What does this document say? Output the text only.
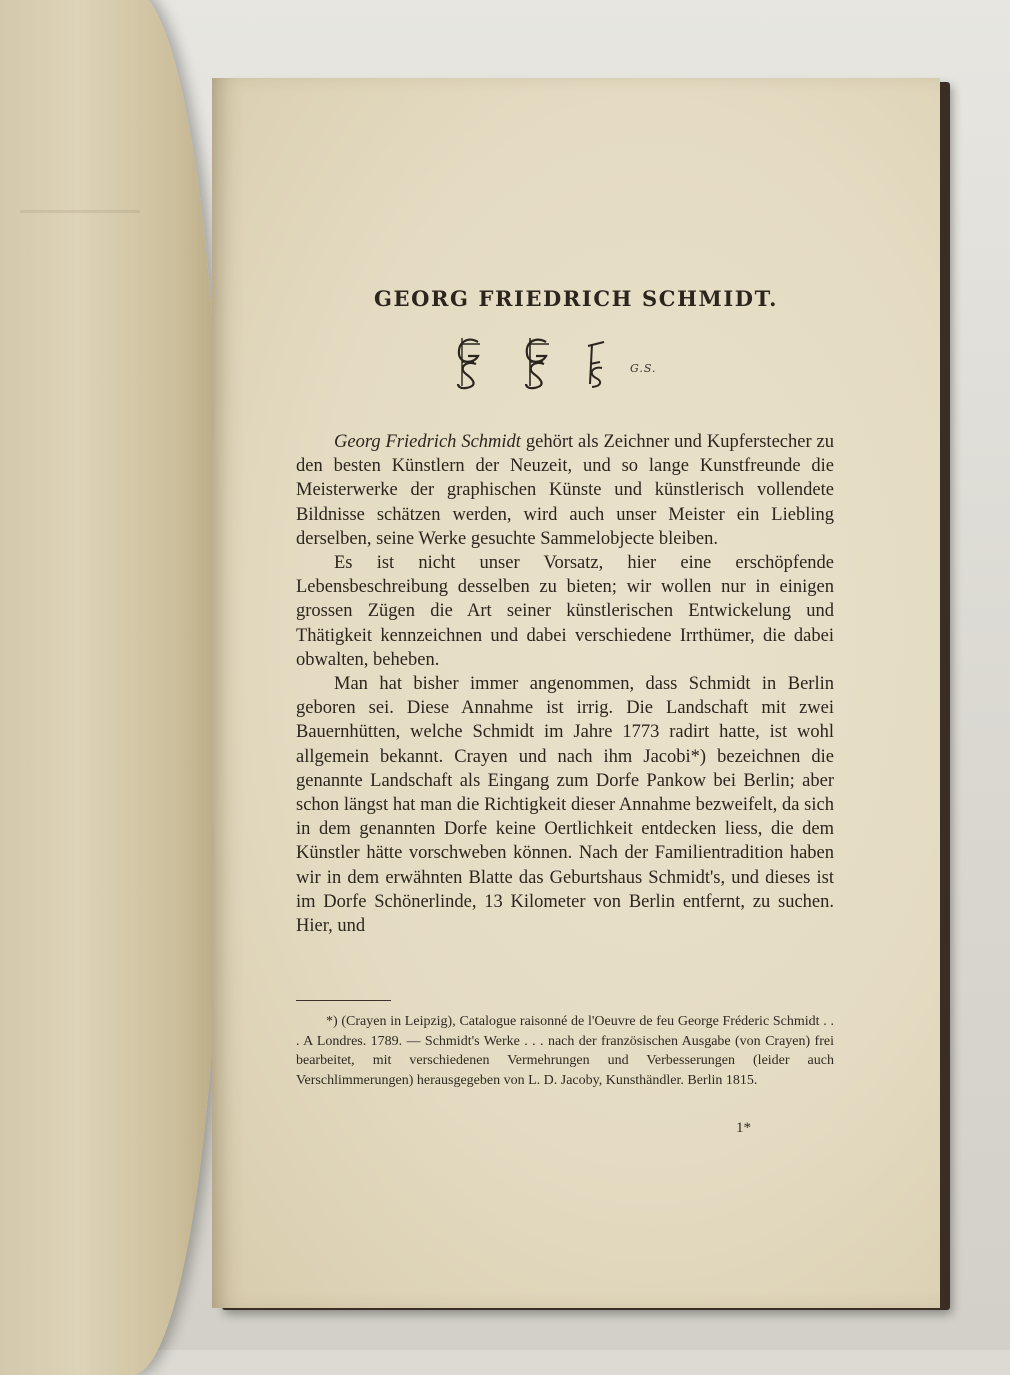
GEORG FRIEDRICH SCHMIDT.
G.S.

Georg Friedrich Schmidt gehört als Zeichner und Kupferstecher zu den besten Künstlern der Neuzeit, und so lange Kunstfreunde die Meisterwerke der graphischen Künste und künstlerisch vollendete Bildnisse schätzen werden, wird auch unser Meister ein Liebling derselben, seine Werke gesuchte Sammelobjecte bleiben.

Es ist nicht unser Vorsatz, hier eine erschöpfende Lebensbeschreibung desselben zu bieten; wir wollen nur in einigen grossen Zügen die Art seiner künstlerischen Entwickelung und Thätigkeit kennzeichnen und dabei verschiedene Irrthümer, die dabei obwalten, beheben.

Man hat bisher immer angenommen, dass Schmidt in Berlin geboren sei. Diese Annahme ist irrig. Die Landschaft mit zwei Bauernhütten, welche Schmidt im Jahre 1773 radirt hatte, ist wohl allgemein bekannt. Crayen und nach ihm Jacobi*) bezeichnen die genannte Landschaft als Eingang zum Dorfe Pankow bei Berlin; aber schon längst hat man die Richtigkeit dieser Annahme bezweifelt, da sich in dem genannten Dorfe keine Oertlichkeit entdecken liess, die dem Künstler hätte vorschweben können. Nach der Familientradition haben wir in dem erwähnten Blatte das Geburtshaus Schmidt's, und dieses ist im Dorfe Schönerlinde, 13 Kilometer von Berlin entfernt, zu suchen. Hier, und

*) (Crayen in Leipzig), Catalogue raisonné de l'Oeuvre de feu George Fréderic Schmidt . . . A Londres. 1789. — Schmidt's Werke . . . nach der französischen Ausgabe (von Crayen) frei bearbeitet, mit verschiedenen Vermehrungen und Verbesserungen (leider auch Verschlimmerungen) herausgegeben von L. D. Jacoby, Kunsthändler. Berlin 1815.

1*
